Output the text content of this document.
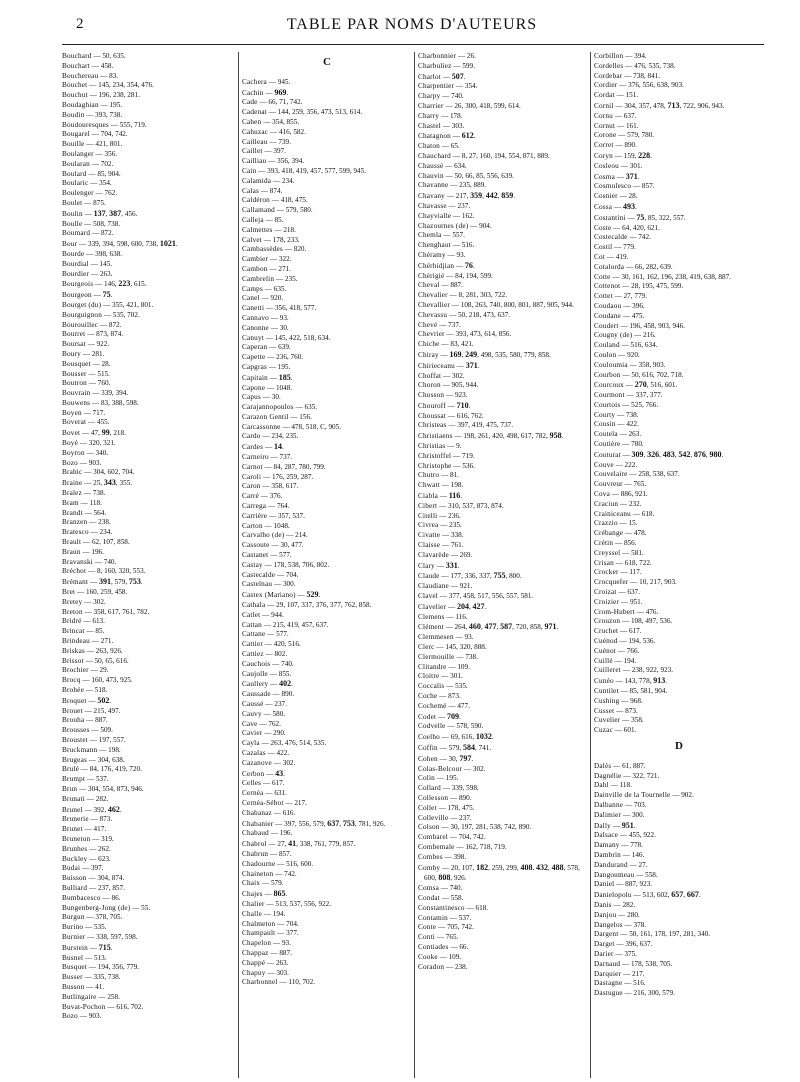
2	TABLE PAR NOMS D'AUTEURS
Bouchard — 50, 635.
Bouchart — 458.
Bouchereau — 83.
Bouchet — 145, 234, 354, 476.
Bouchut — 196, 238, 281.
Boudaghian — 195.
Boudin — 393, 738.
Boudouresques — 555, 719.
Bougarel — 704, 742.
Bouille — 421, 801.
Boulanger — 356.
Boularan — 702.
Boulard — 85, 904.
Boularic — 354.
Boulenger — 762.
Boulet — 875.
Boulin — 137, 387, 456.
Boulle — 508, 738.
Boumard — 872.
Bour — 339, 394, 598, 600, 738, 1021.
Bourde — 398, 638.
Bourdial — 145.
Bourdier — 263.
Bourgeois — 146, 223, 615.
Bourgeon — 75.
Bourget (du) — 355, 421, 801.
Bourguignon — 535, 702.
Bourouillec — 872.
Bourret — 873, 874.
Boursat — 922.
Boury — 281.
Bousquet — 28.
Bousser — 515.
Boutron — 760.
Bouvrain — 339, 394.
Bouwens — 83, 388, 598.
Boyen — 717.
Boverat — 455.
Bovet — 47, 99, 218.
Boyé — 320, 321.
Boyron — 340.
Bozo — 903.
Brahic — 304, 602, 704.
Braine — 25, 343, 355.
Bralez — 738.
Bram — 118.
Brandt — 564.
Branzen — 238.
Bratesco — 234.
Brault — 62, 107, 858.
Braun — 196.
Bravanski — 740.
Bréchot — 8, 160, 320, 553.
Brémant — 391, 579, 753.
Bret — 160, 259, 458.
Bretey — 302.
Breton — 358, 617, 761, 782.
Bridré — 613.
Brincat — 85.
Brindeau — 271.
Briskas — 263, 926.
Brissot — 50, 65, 616.
Brochier — 29.
Brocq — 160, 473, 925.
Brohée — 518.
Broquet — 502.
Brouet — 215, 497.
Brouha — 887.
Brousses — 509.
Broustet — 197, 557.
Bruckmann — 198.
Brugeas — 304, 638.
Brulé — 84, 176, 419, 720.
Brumpt — 537.
Brun — 304, 554, 873, 946.
Brunati — 282.
Brunel — 392, 462.
Brunerie — 873.
Brunet — 417.
Bruneton — 319.
Brunhes — 262.
Buckley — 623.
Budai — 397.
Buisson — 304, 874.
Bulliard — 237, 857.
Bumbacesco — 86.
Bungenberg-Jong (de) — 55.
Burgun — 378, 705.
Burino — 535.
Burnier — 338, 597, 598.
Burstein — 715.
Busnel — 513.
Busquet — 194, 356, 779.
Busser — 335, 738.
Busson — 41.
Butlingaire — 258.
Buvat-Pochon — 616, 702.
Bozo — 903.
C
Cachera — 945.
Cachin — 969.
Cade — 66, 71, 742.
Cadenat — 144, 259, 356, 473, 513, 614.
Cahen — 354, 855.
Cahuzac — 416, 582.
Cailleau — 739.
Caillet — 397.
Cailliau — 356, 394.
Cain — 393, 418, 419, 457, 577, 599, 945.
Calamida — 234.
Calas — 874.
Caldéron — 418, 475.
Callamand — 579, 580.
Calleja — 85.
Calmettes — 218.
Calvet — 178, 233.
Cambassèdes — 820.
Cambier — 322.
Cambon — 271.
Cambrelin — 235.
Camps — 635.
Canel — 920.
Canetti — 356, 418, 577.
Cannavo — 93.
Canonne — 30.
Canuyt — 145, 422, 518, 634.
Caperan — 639.
Capette — 236, 760.
Capgras — 195.
Capitain — 185.
Capone — 1048.
Capus — 30.
Carajannopoulos — 635.
Carazon Gentil — 156.
Carcassonne — 478, 518, C, 905.
Cardo — 234, 235.
Cardes — 14.
Carneiro — 737.
Carnot — 84, 287, 780, 799.
Caroli — 176, 259, 287.
Caron — 358, 617.
Carré — 376.
Carrega — 764.
Carrière — 357, 537.
Carton — 1048.
Carvalho (de) — 214.
Cassoute — 30, 477.
Castanet — 577.
Castay — 178, 538, 706, 802.
Castecalde — 704.
Castelnau — 300.
Castex (Mariano) — 529.
Cathala — 29, 107, 337, 376, 377, 762, 858.
Catlet — 944.
Cattan — 215, 419, 457, 637.
Cattane — 577.
Cattier — 420, 516.
Cattiez — 802.
Cauchois — 740.
Caujolle — 855.
Caullery — 402.
Caussade — 890.
Caussé — 237.
Cauvy — 580.
Cave — 762.
Cavier — 290.
Cayla — 263, 476, 514, 535.
Cazalas — 422.
Cazanove — 302.
Cerbon — 43.
Celles — 617.
Cernéa — 631.
Cernéa-Sébot — 217.
Chabanaz — 616.
Chabanier — 397, 556, 579, 637, 753, 781, 926.
Chabaud — 196.
Chabrol — 27, 41, 338, 761, 779, 857.
Chabrun — 857.
Chadourne — 516, 600.
Chaineton — 742.
Chaix — 579.
Chajes — 865.
Chalier — 513, 537, 556, 922.
Challe — 194.
Chalmeton — 704.
Champault — 377.
Chapelon — 93.
Chappaz — 887.
Chappé — 263.
Chapuy — 303.
Charbonnel — 110, 702.
Charbonnier — 26.
Charbuliez — 599.
Charlot — 507.
Charpentier — 354.
Charpy — 740.
Charrier — 26, 300, 418, 599, 614.
Charry — 178.
Chastel — 303.
Chatagnon — 612.
Chaton — 65.
Chauchard — 8, 27, 160, 194, 554, 871, 889.
Chaussé — 634.
Chauvin — 50, 66, 85, 556, 639.
Chavanne — 235, 889.
Chavany — 217, 359, 442, 859.
Chavasse — 237.
Chayvialle — 162.
Chazournes (de) — 904.
Chemla — 557.
Chenghaut — 516.
Chéramy — 93.
Chérhidjian — 76.
Chérigié — 84, 194, 599.
Cheval — 887.
Chevalier — 8, 281, 303, 722.
Chevallier — 108, 263, 740, 800, 801, 887, 905, 944.
Chevassu — 50, 218, 473, 637.
Chevé — 737.
Chevrier — 393, 473, 614, 856.
Chiche — 83, 421.
Chiray — 169, 249, 498, 535, 580, 779, 858.
Chirieceanu — 371.
Choffat — 302.
Choron — 905, 944.
Chosson — 923.
Chouroff — 710.
Choussat — 616, 762.
Christeas — 397, 419, 475, 737.
Christiaens — 198, 261, 420, 498, 617, 782, 958.
Christias — 9.
Christoffel — 719.
Christophe — 536.
Chutro — 81.
Chwatt — 198.
Ciabla — 116.
Cibert — 310, 537, 873, 874.
Citelli — 236.
Civrea — 235.
Civatte — 338.
Claisse — 761.
Clavarède — 269.
Clary — 331.
Claude — 177, 336, 337, 755, 800.
Claudiane — 921.
Clavel — 377, 458, 517, 556, 557, 581.
Clavelier — 204, 427.
Clemens — 116.
Clément — 264, 460, 477, 587, 720, 858, 971.
Clemmesen — 93.
Clerc — 145, 320, 888.
Clermouille — 738.
Clitandre — 109.
Cloitre — 301.
Coccalis — 535.
Coche — 873.
Cochemé — 477.
Codet — 709.
Codvelle — 578, 590.
Coelho — 69, 616, 1032.
Coffin — 579, 584, 741.
Cohen — 30, 797.
Colas-Belcour — 302.
Colin — 195.
Collard — 339, 598.
Collesson — 890.
Collet — 178, 475.
Colleville — 237.
Colson — 30, 197, 281, 538, 742, 890.
Combarel — 704, 742.
Combemale — 162, 718, 719.
Combes — 398.
Comby — 20, 107, 182, 259, 299, 408, 432, 488, 578, 600, 808, 926.
Comsa — 740.
Condat — 558.
Constantinesco — 618.
Contamin — 537.
Conte — 705, 742.
Conti — 765.
Contiades — 66.
Cooke — 109.
Coradon — 238.
Corbillon — 394.
Cordelles — 476, 535, 738.
Cordebar — 738, 841.
Cordier — 376, 556, 638, 903.
Cordat — 151.
Cornil — 304, 357, 478, 713, 722, 906, 943.
Cornu — 637.
Cornut — 161.
Corone — 579, 780.
Corret — 890.
Coryn — 159, 228.
Cosleou — 301.
Cosma — 371.
Cosmulesco — 857.
Cosnier — 28.
Cossa — 493.
Costantini — 75, 85, 322, 557.
Coste — 64, 420, 621.
Costecalde — 742.
Costil — 779.
Cot — 419.
Cotalorda — 66, 282, 639.
Cotte — 30, 161, 162, 196, 238, 419, 638, 887.
Cottenot — 28, 195, 475, 599.
Cottet — 27, 779.
Coudaou — 396.
Coudane — 475.
Coudert — 196, 458, 903, 946.
Cougny (de) — 216.
Couland — 516, 634.
Coulon — 920.
Couloumia — 358, 903.
Courbon — 50, 616, 702, 718.
Courcoux — 270, 516, 601.
Courmont — 337, 377.
Courtois — 525, 766.
Courty — 738.
Cousin — 422.
Coutela — 263.
Coutière — 780.
Couturat — 309, 326, 483, 542, 876, 980.
Couve — 222.
Couvelaire — 258, 538, 637.
Couvreur — 765.
Cova — 886, 921.
Craciun — 232.
Crainiceanu — 618.
Crazzio — 15.
Crébange — 478.
Crétin — 856.
Creyssel — 581.
Crisan — 618, 722.
Crocker — 117.
Crocquefer — 10, 217, 903.
Croizat — 637.
Croizier — 951.
Crom-Hubert — 476.
Crouzon — 108, 497, 536.
Cruchet — 617.
Cuénod — 194, 536.
Cuénot — 766.
Cuillé — 194.
Cuilleret — 238, 922, 923.
Cunéo — 143, 778, 913.
Cuntilet — 85, 581, 904.
Cushing — 968.
Cusset — 873.
Cuvelier — 358.
Cuzac — 601.
D
Dalès — 61, 887.
Dagnélie — 322, 721.
Dahl — 118.
Dainville de la Tournelle — 902.
Dalbanne — 703.
Dalimier — 300.
Dally — 951.
Dalsace — 455, 922.
Damany — 778.
Dambrin — 146.
Dandurand — 27.
Dangoumeau — 558.
Daniel — 887, 923.
Danielopolu — 513, 602, 657, 667.
Danis — 282.
Danjou — 280.
Dangelos — 378.
Dargent — 50, 161, 178, 197, 281, 340.
Darget — 396, 637.
Darier — 375.
Darnaud — 178, 538, 705.
Darquier — 217.
Dastagne — 516.
Dastugue — 216, 300, 579.
